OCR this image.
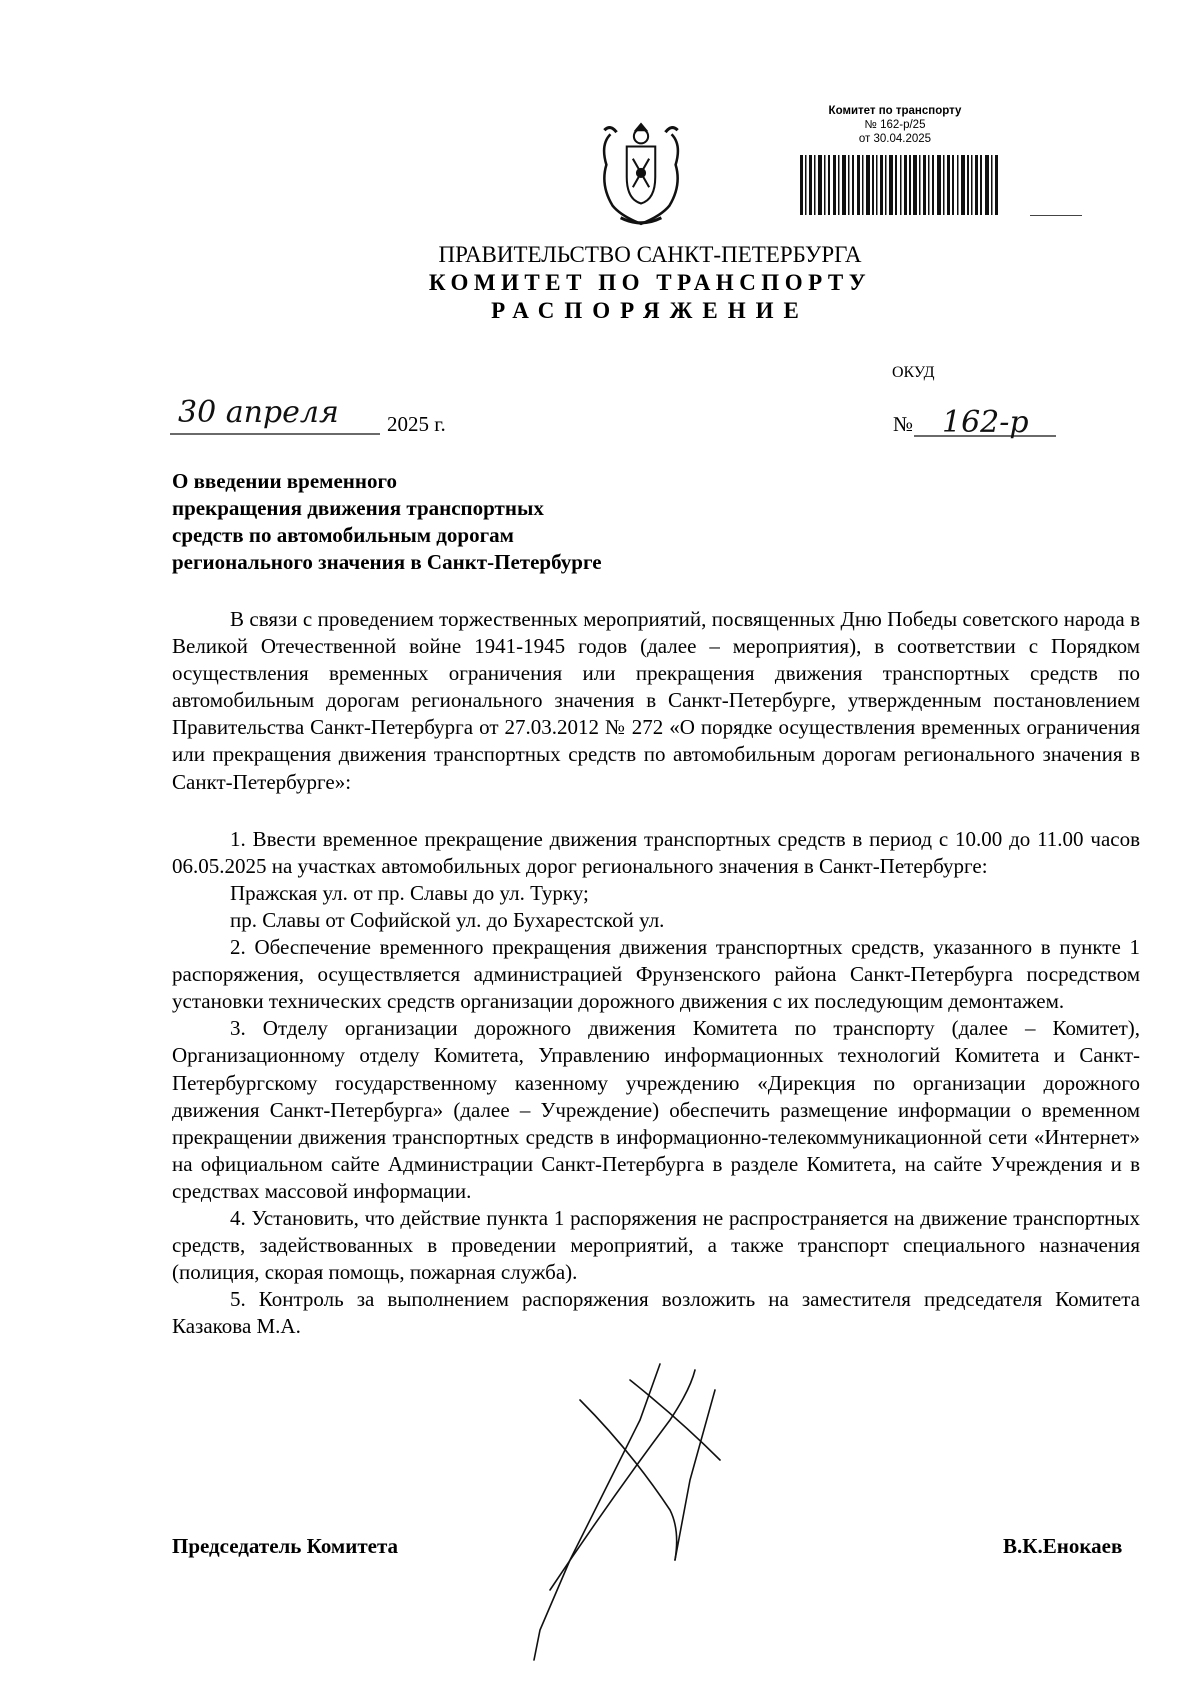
Комитет по транспорту
№ 162-р/25
от 30.04.2025
ПРАВИТЕЛЬСТВО САНКТ-ПЕТЕРБУРГА
КОМИТЕТ ПО ТРАНСПОРТУ
РАСПОРЯЖЕНИЕ
ОКУД
30 апреля 2025 г.	№ 162-р
О введении временного
прекращения движения транспортных
средств по автомобильным дорогам
регионального значения в Санкт-Петербурге

В связи с проведением торжественных мероприятий, посвященных Дню Победы советского народа в Великой Отечественной войне 1941-1945 годов (далее – мероприятия), в соответствии с Порядком осуществления временных ограничения или прекращения движения транспортных средств по автомобильным дорогам регионального значения в Санкт-Петербурге, утвержденным постановлением Правительства Санкт-Петербурга от 27.03.2012 № 272 «О порядке осуществления временных ограничения или прекращения движения транспортных средств по автомобильным дорогам регионального значения в Санкт-Петербурге»:

1. Ввести временное прекращение движения транспортных средств в период с 10.00 до 11.00 часов 06.05.2025 на участках автомобильных дорог регионального значения в Санкт-Петербурге:

Пражская ул. от пр. Славы до ул. Турку;

пр. Славы от Софийской ул. до Бухарестской ул.

2. Обеспечение временного прекращения движения транспортных средств, указанного в пункте 1 распоряжения, осуществляется администрацией Фрунзенского района Санкт-Петербурга посредством установки технических средств организации дорожного движения с их последующим демонтажем.

3. Отделу организации дорожного движения Комитета по транспорту (далее – Комитет), Организационному отделу Комитета, Управлению информационных технологий Комитета и Санкт-Петербургскому государственному казенному учреждению «Дирекция по организации дорожного движения Санкт-Петербурга» (далее – Учреждение) обеспечить размещение информации о временном прекращении движения транспортных средств в информационно-телекоммуникационной сети «Интернет» на официальном сайте Администрации Санкт-Петербурга в разделе Комитета, на сайте Учреждения и в средствах массовой информации.

4. Установить, что действие пункта 1 распоряжения не распространяется на движение транспортных средств, задействованных в проведении мероприятий, а также транспорт специального назначения (полиция, скорая помощь, пожарная служба).

5. Контроль за выполнением распоряжения возложить на заместителя председателя Комитета Казакова М.А.

Председатель Комитета	В.К.Енокаев
